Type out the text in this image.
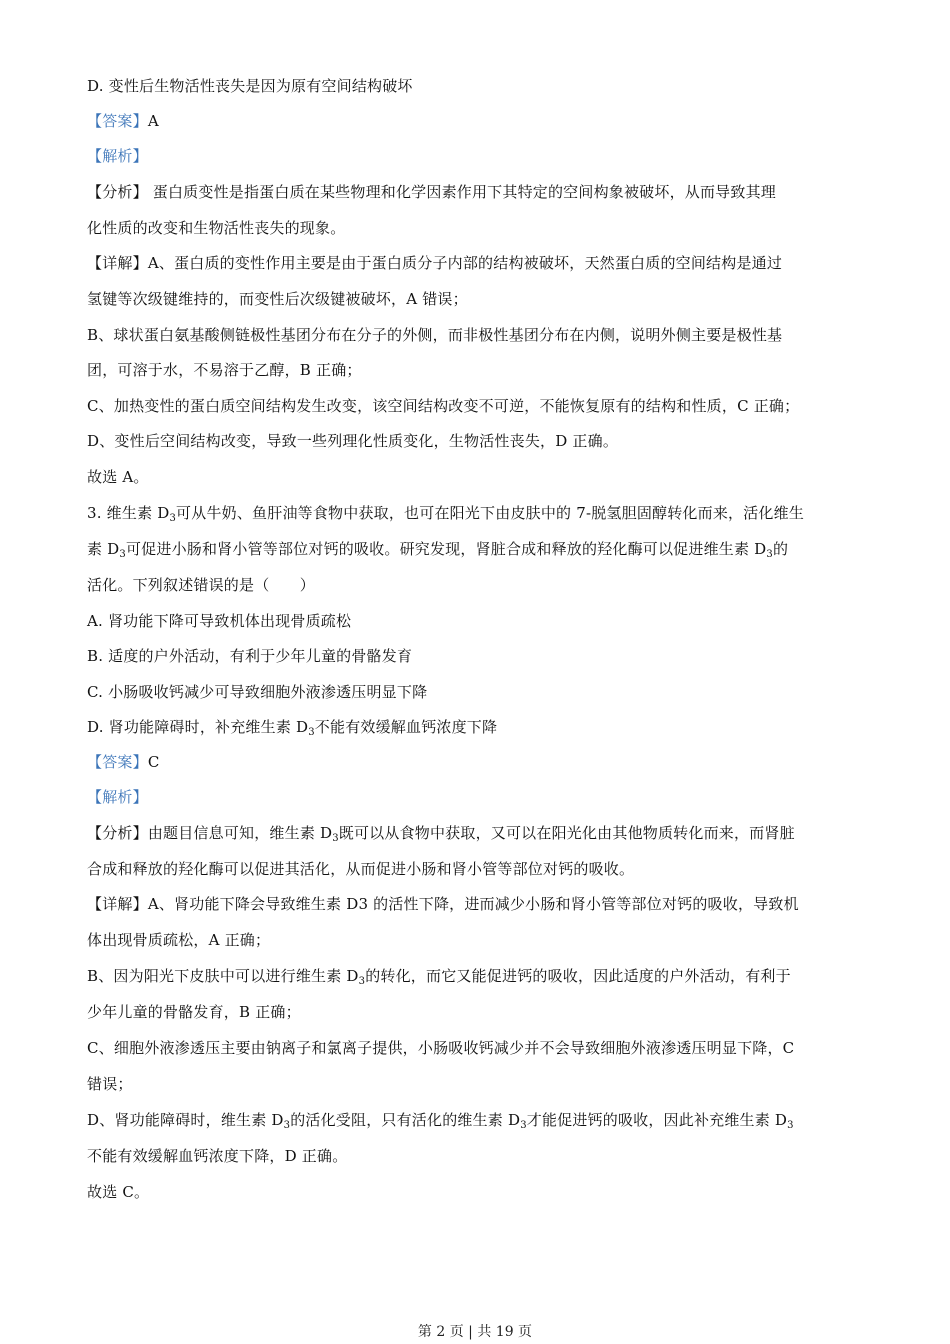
D. 变性后生物活性丧失是因为原有空间结构破坏
【答案】A
【解析】
【分析】 蛋白质变性是指蛋白质在某些物理和化学因素作用下其特定的空间构象被破坏，从而导致其理
化性质的改变和生物活性丧失的现象。
【详解】A、蛋白质的变性作用主要是由于蛋白质分子内部的结构被破坏，天然蛋白质的空间结构是通过
氢键等次级键维持的，而变性后次级键被破坏，A 错误；
B、球状蛋白氨基酸侧链极性基团分布在分子的外侧，而非极性基团分布在内侧，说明外侧主要是极性基
团，可溶于水，不易溶于乙醇，B 正确；
C、加热变性的蛋白质空间结构发生改变，该空间结构改变不可逆，不能恢复原有的结构和性质，C 正确；
D、变性后空间结构改变，导致一些列理化性质变化，生物活性丧失，D 正确。
故选 A。
3. 维生素 $D_3$可从牛奶、鱼肝油等食物中获取，也可在阳光下由皮肤中的 7-脱氢胆固醇转化而来，活化维生
素 $D_3$可促进小肠和肾小管等部位对钙的吸收。研究发现，肾脏合成和释放的羟化酶可以促进维生素 $D_3$的
活化。下列叙述错误的是（　　）
A. 肾功能下降可导致机体出现骨质疏松
B. 适度的户外活动，有利于少年儿童的骨骼发育
C. 小肠吸收钙减少可导致细胞外液渗透压明显下降
D. 肾功能障碍时，补充维生素 $D_3$不能有效缓解血钙浓度下降
【答案】C
【解析】
【分析】由题目信息可知，维生素 $D_3$既可以从食物中获取，又可以在阳光化由其他物质转化而来，而肾脏
合成和释放的羟化酶可以促进其活化，从而促进小肠和肾小管等部位对钙的吸收。
【详解】A、肾功能下降会导致维生素 D3 的活性下降，进而减少小肠和肾小管等部位对钙的吸收，导致机
体出现骨质疏松，A 正确；
B、因为阳光下皮肤中可以进行维生素 $D_3$的转化，而它又能促进钙的吸收，因此适度的户外活动，有利于
少年儿童的骨骼发育，B 正确；
C、细胞外液渗透压主要由钠离子和氯离子提供，小肠吸收钙减少并不会导致细胞外液渗透压明显下降，C
错误；
D、肾功能障碍时，维生素 $D_3$的活化受阻，只有活化的维生素 $D_3$才能促进钙的吸收，因此补充维生素 $D_3$
不能有效缓解血钙浓度下降，D 正确。
故选 C。
第 2 页 | 共 19 页
